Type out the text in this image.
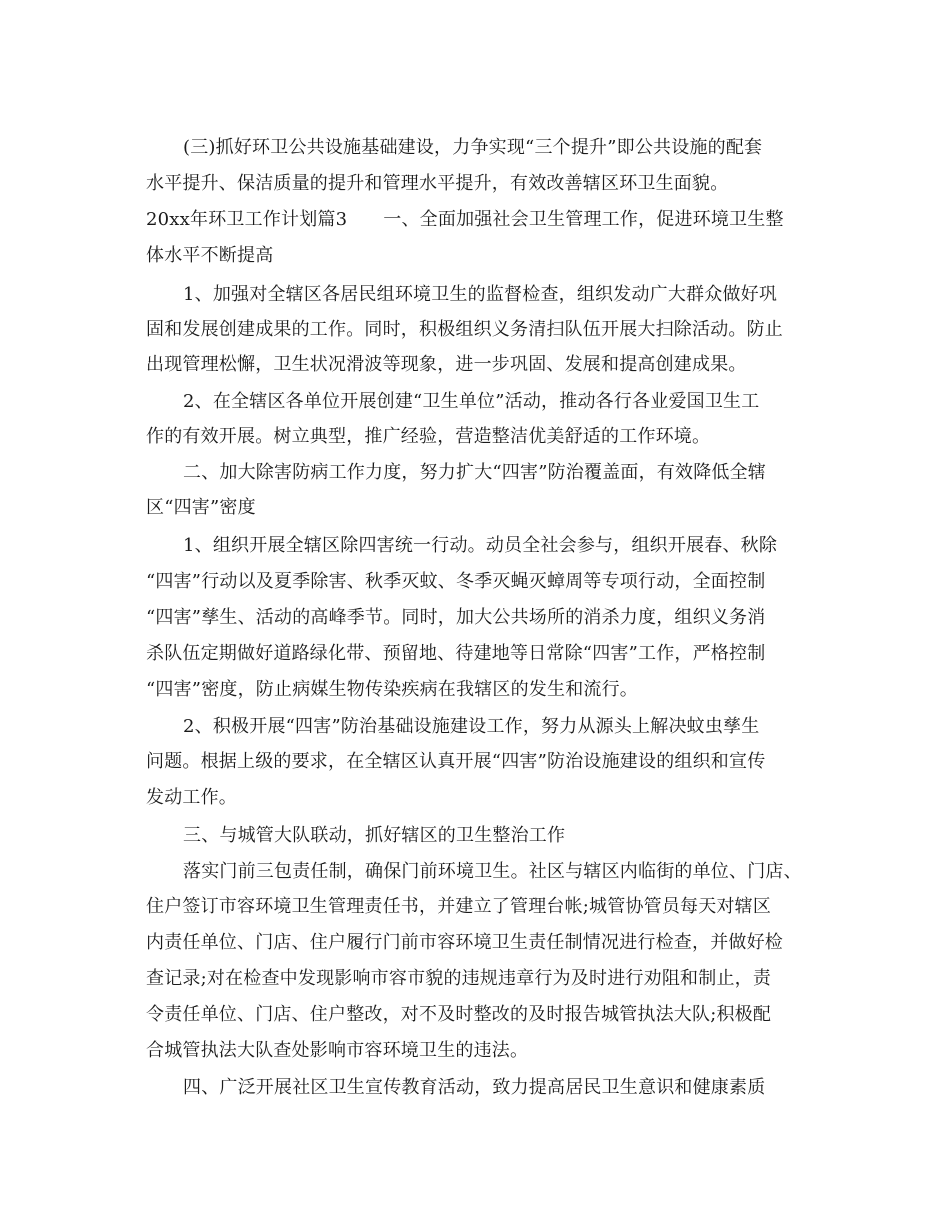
(三)抓好环卫公共设施基础建设，力争实现“三个提升”即公共设施的配套
水平提升、保洁质量的提升和管理水平提升，有效改善辖区环卫生面貌。
20xx年环卫工作计划篇3 一、全面加强社会卫生管理工作，促进环境卫生整
体水平不断提高
1、加强对全辖区各居民组环境卫生的监督检查，组织发动广大群众做好巩
固和发展创建成果的工作。同时，积极组织义务清扫队伍开展大扫除活动。防止
出现管理松懈，卫生状况滑波等现象，进一步巩固、发展和提高创建成果。
2、在全辖区各单位开展创建“卫生单位”活动，推动各行各业爱国卫生工
作的有效开展。树立典型，推广经验，营造整洁优美舒适的工作环境。
二、加大除害防病工作力度，努力扩大“四害”防治覆盖面，有效降低全辖
区“四害”密度
1、组织开展全辖区除四害统一行动。动员全社会参与，组织开展春、秋除
“四害”行动以及夏季除害、秋季灭蚊、冬季灭蝇灭蟑周等专项行动，全面控制
“四害”孳生、活动的高峰季节。同时，加大公共场所的消杀力度，组织义务消
杀队伍定期做好道路绿化带、预留地、待建地等日常除“四害”工作，严格控制
“四害”密度，防止病媒生物传染疾病在我辖区的发生和流行。
2、积极开展“四害”防治基础设施建设工作，努力从源头上解决蚊虫孳生
问题。根据上级的要求，在全辖区认真开展“四害”防治设施建设的组织和宣传
发动工作。
三、与城管大队联动，抓好辖区的卫生整治工作
落实门前三包责任制，确保门前环境卫生。社区与辖区内临街的单位、门店、
住户签订市容环境卫生管理责任书，并建立了管理台帐;城管协管员每天对辖区
内责任单位、门店、住户履行门前市容环境卫生责任制情况进行检查，并做好检
查记录;对在检查中发现影响市容市貌的违规违章行为及时进行劝阻和制止，责
令责任单位、门店、住户整改，对不及时整改的及时报告城管执法大队;积极配
合城管执法大队查处影响市容环境卫生的违法。
四、广泛开展社区卫生宣传教育活动，致力提高居民卫生意识和健康素质
